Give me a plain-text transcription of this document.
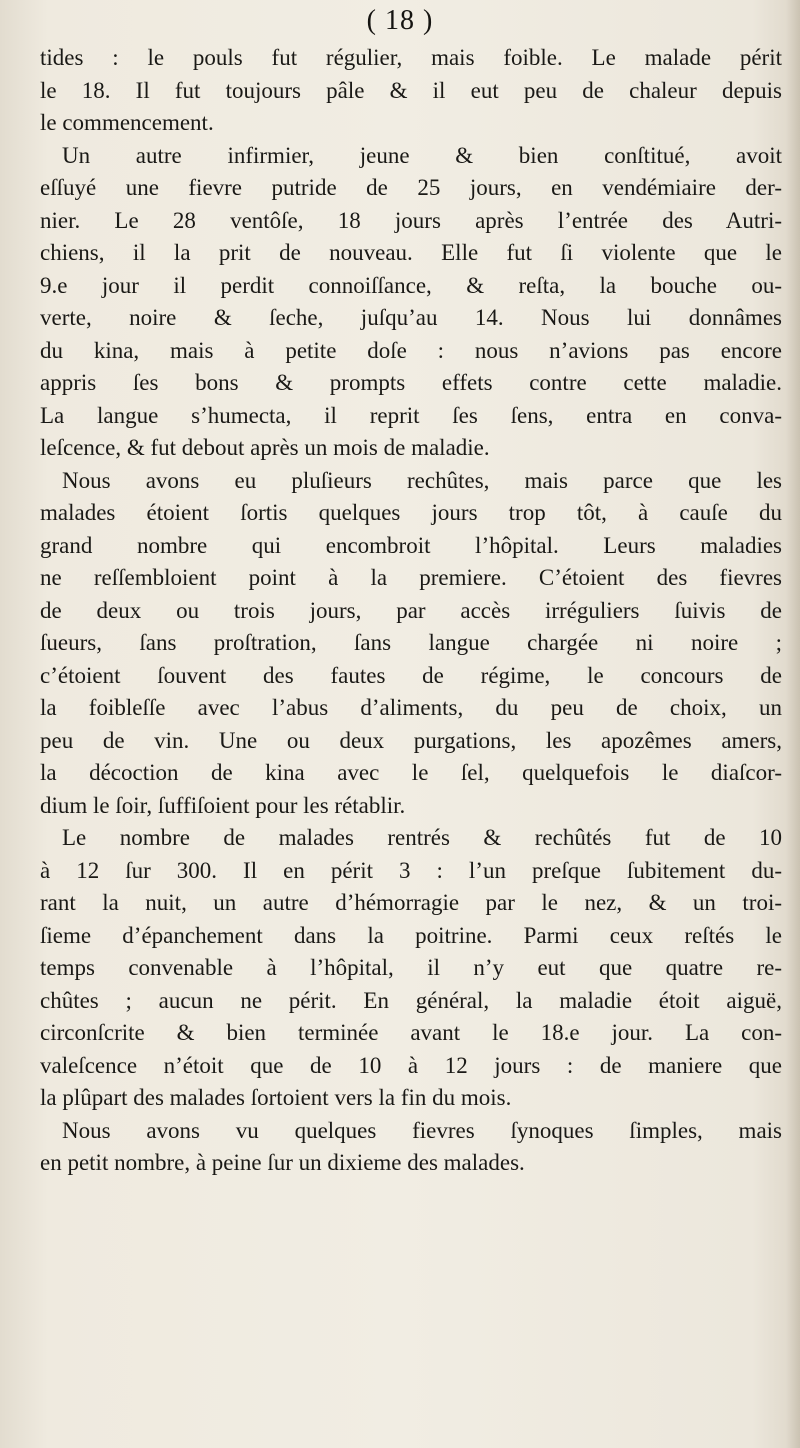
( 18 )
tides : le pouls fut régulier, mais foible. Le malade périt
le 18. Il fut toujours pâle & il eut peu de chaleur depuis
le commencement.
Un autre infirmier, jeune & bien conſtitué, avoit
eſſuyé une fievre putride de 25 jours, en vendémiaire der-
nier. Le 28 ventôſe, 18 jours après l’entrée des Autri-
chiens, il la prit de nouveau. Elle fut ſi violente que le
9.e jour il perdit connoiſſance, & reſta, la bouche ou-
verte, noire & ſeche, juſqu’au 14. Nous lui donnâmes
du kina, mais à petite doſe : nous n’avions pas encore
appris ſes bons & prompts effets contre cette maladie.
La langue s’humecta, il reprit ſes ſens, entra en conva-
leſcence, & fut debout après un mois de maladie.
Nous avons eu pluſieurs rechûtes, mais parce que les
malades étoient ſortis quelques jours trop tôt, à cauſe du
grand nombre qui encombroit l’hôpital. Leurs maladies
ne reſſembloient point à la premiere. C’étoient des fievres
de deux ou trois jours, par accès irréguliers ſuivis de
ſueurs, ſans proſtration, ſans langue chargée ni noire ;
c’étoient ſouvent des fautes de régime, le concours de
la foibleſſe avec l’abus d’aliments, du peu de choix, un
peu de vin. Une ou deux purgations, les apozêmes amers,
la décoction de kina avec le ſel, quelquefois le diaſcor-
dium le ſoir, ſuffiſoient pour les rétablir.
Le nombre de malades rentrés & rechûtés fut de 10
à 12 ſur 300. Il en périt 3 : l’un preſque ſubitement du-
rant la nuit, un autre d’hémorragie par le nez, & un troi-
ſieme d’épanchement dans la poitrine. Parmi ceux reſtés le
temps convenable à l’hôpital, il n’y eut que quatre re-
chûtes ; aucun ne périt. En général, la maladie étoit aiguë,
circonſcrite & bien terminée avant le 18.e jour. La con-
valeſcence n’étoit que de 10 à 12 jours : de maniere que
la plûpart des malades ſortoient vers la fin du mois.
Nous avons vu quelques fievres ſynoques ſimples, mais
en petit nombre, à peine ſur un dixieme des malades.
